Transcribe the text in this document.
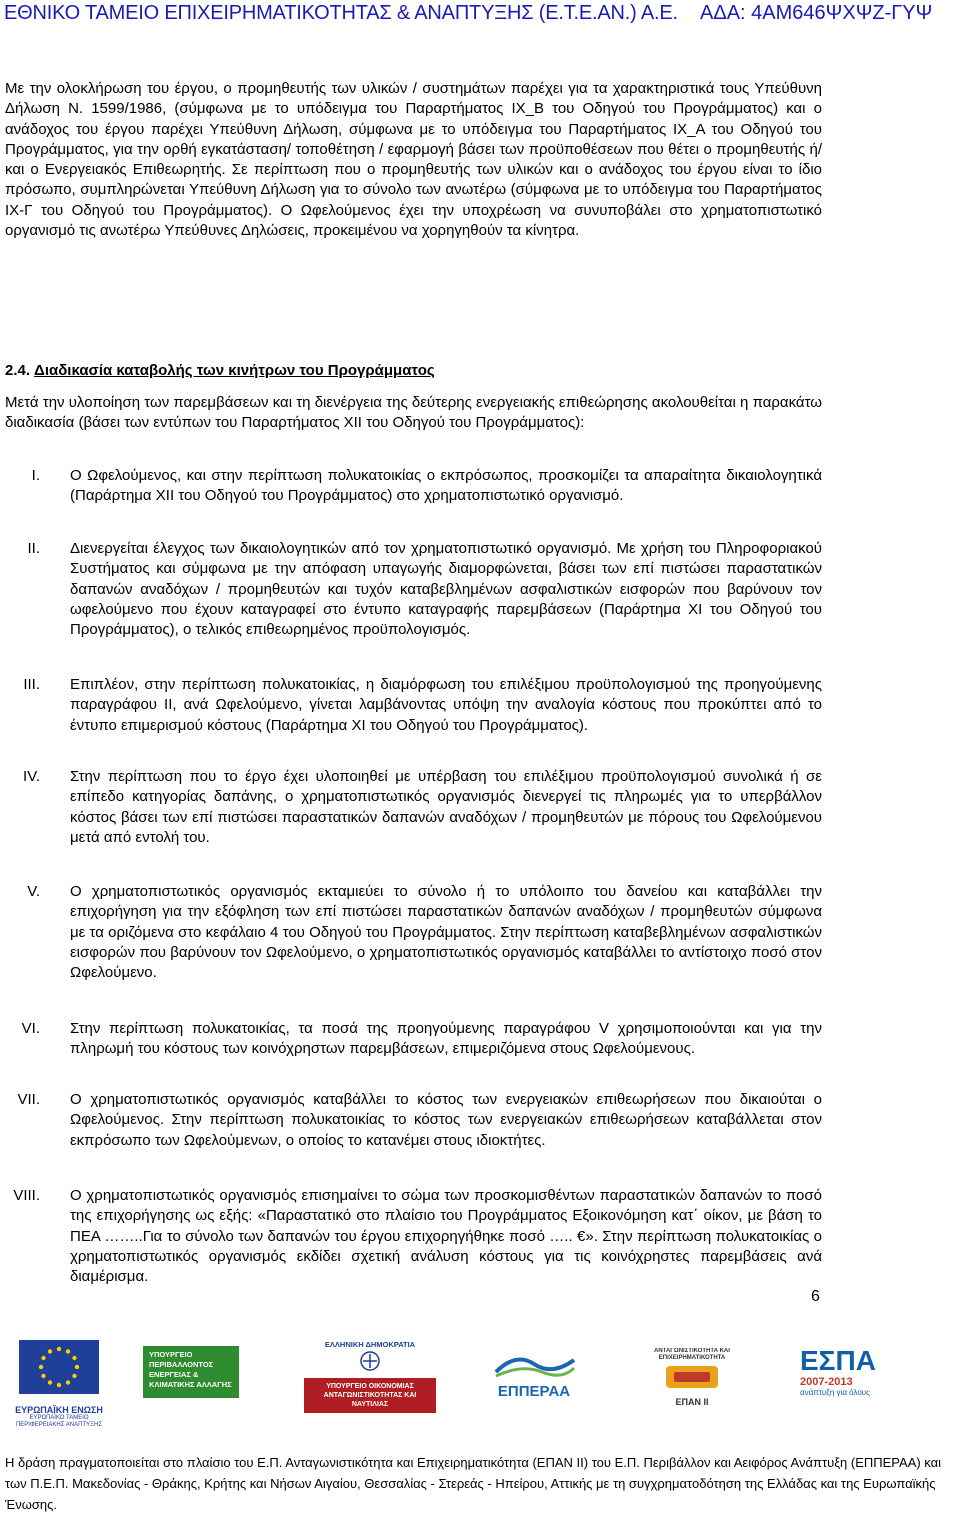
ΕΘΝΙΚΟ ΤΑΜΕΙΟ ΕΠΙΧΕΙΡΗΜΑΤΙΚΟΤΗΤΑΣ & ΑΝΑΠΤΥΞΗΣ (Ε.Τ.Ε.ΑΝ.) Α.Ε. ΑΔΑ: 4ΑΜ646ΨΧΨΖ-ΓΥΨ
Με την ολοκλήρωση του έργου, ο προμηθευτής των υλικών / συστημάτων παρέχει για τα χαρακτηριστικά τους Υπεύθυνη Δήλωση Ν. 1599/1986, (σύμφωνα με το υπόδειγμα του Παραρτήματος ΙΧ_Β του Οδηγού του Προγράμματος) και ο ανάδοχος του έργου παρέχει Υπεύθυνη Δήλωση, σύμφωνα με το υπόδειγμα του Παραρτήματος ΙΧ_Α του Οδηγού του Προγράμματος, για την ορθή εγκατάσταση/ τοποθέτηση / εφαρμογή βάσει των προϋποθέσεων που θέτει ο προμηθευτής ή/και ο Ενεργειακός Επιθεωρητής. Σε περίπτωση που ο προμηθευτής των υλικών και ο ανάδοχος του έργου είναι το ίδιο πρόσωπο, συμπληρώνεται Υπεύθυνη Δήλωση για το σύνολο των ανωτέρω (σύμφωνα με το υπόδειγμα του Παραρτήματος ΙΧ-Γ του Οδηγού του Προγράμματος). Ο Ωφελούμενος έχει την υποχρέωση να συνυποβάλει στο χρηματοπιστωτικό οργανισμό τις ανωτέρω Υπεύθυνες Δηλώσεις, προκειμένου να χορηγηθούν τα κίνητρα.
2.4. Διαδικασία καταβολής των κινήτρων του Προγράμματος
Μετά την υλοποίηση των παρεμβάσεων και τη διενέργεια της δεύτερης ενεργειακής επιθεώρησης ακολουθείται η παρακάτω διαδικασία (βάσει των εντύπων του Παραρτήματος ΧΙΙ του Οδηγού του Προγράμματος):
I. Ο Ωφελούμενος, και στην περίπτωση πολυκατοικίας ο εκπρόσωπος, προσκομίζει τα απαραίτητα δικαιολογητικά (Παράρτημα ΧΙΙ του Οδηγού του Προγράμματος) στο χρηματοπιστωτικό οργανισμό.
II. Διενεργείται έλεγχος των δικαιολογητικών από τον χρηματοπιστωτικό οργανισμό. Με χρήση του Πληροφοριακού Συστήματος και σύμφωνα με την απόφαση υπαγωγής διαμορφώνεται, βάσει των επί πιστώσει παραστατικών δαπανών αναδόχων / προμηθευτών και τυχόν καταβεβλημένων ασφαλιστικών εισφορών που βαρύνουν τον ωφελούμενο που έχουν καταγραφεί στο έντυπο καταγραφής παρεμβάσεων (Παράρτημα ΧΙ του Οδηγού του Προγράμματος), ο τελικός επιθεωρημένος προϋπολογισμός.
III. Επιπλέον, στην περίπτωση πολυκατοικίας, η διαμόρφωση του επιλέξιμου προϋπολογισμού της προηγούμενης παραγράφου ΙΙ, ανά Ωφελούμενο, γίνεται λαμβάνοντας υπόψη την αναλογία κόστους που προκύπτει από το έντυπο επιμερισμού κόστους (Παράρτημα ΧΙ του Οδηγού του Προγράμματος).
IV. Στην περίπτωση που το έργο έχει υλοποιηθεί με υπέρβαση του επιλέξιμου προϋπολογισμού συνολικά ή σε επίπεδο κατηγορίας δαπάνης, ο χρηματοπιστωτικός οργανισμός διενεργεί τις πληρωμές για το υπερβάλλον κόστος βάσει των επί πιστώσει παραστατικών δαπανών αναδόχων / προμηθευτών με πόρους του Ωφελούμενου μετά από εντολή του.
V. Ο χρηματοπιστωτικός οργανισμός εκταμιεύει το σύνολο ή το υπόλοιπο του δανείου και καταβάλλει την επιχορήγηση για την εξόφληση των επί πιστώσει παραστατικών δαπανών αναδόχων / προμηθευτών σύμφωνα με τα οριζόμενα στο κεφάλαιο 4 του Οδηγού του Προγράμματος. Στην περίπτωση καταβεβλημένων ασφαλιστικών εισφορών που βαρύνουν τον Ωφελούμενο, ο χρηματοπιστωτικός οργανισμός καταβάλλει το αντίστοιχο ποσό στον Ωφελούμενο.
VI. Στην περίπτωση πολυκατοικίας, τα ποσά της προηγούμενης παραγράφου V χρησιμοποιούνται και για την πληρωμή του κόστους των κοινόχρηστων παρεμβάσεων, επιμεριζόμενα στους Ωφελούμενους.
VII. Ο χρηματοπιστωτικός οργανισμός καταβάλλει το κόστος των ενεργειακών επιθεωρήσεων που δικαιούται ο Ωφελούμενος. Στην περίπτωση πολυκατοικίας το κόστος των ενεργειακών επιθεωρήσεων καταβάλλεται στον εκπρόσωπο των Ωφελούμενων, ο οποίος το κατανέμει στους ιδιοκτήτες.
VIII. Ο χρηματοπιστωτικός οργανισμός επισημαίνει το σώμα των προσκομισθέντων παραστατικών δαπανών το ποσό της επιχορήγησης ως εξής: «Παραστατικό στο πλαίσιο του Προγράμματος Εξοικονόμηση κατ΄ οίκον, με βάση το ΠΕΑ ……..Για το σύνολο των δαπανών του έργου επιχορηγήθηκε ποσό ….. €». Στην περίπτωση πολυκατοικίας ο χρηματοπιστωτικός οργανισμός εκδίδει σχετική ανάλυση κόστους για τις κοινόχρηστες παρεμβάσεις ανά διαμέρισμα.
6
ΕΥΡΩΠΑΪΚΗ ΕΝΩΣΗ
ΕΥΡΩΠΑΪΚΟ ΤΑΜΕΙΟ ΠΕΡΙΦΕΡΕΙΑΚΗΣ ΑΝΑΠΤΥΞΗΣ
ΥΠΟΥΡΓΕΙΟ ΠΕΡΙΒΑΛΛΟΝΤΟΣ ΕΝΕΡΓΕΙΑΣ & ΚΛΙΜΑΤΙΚΗΣ ΑΛΛΑΓΗΣ
ΕΛΛΗΝΙΚΗ ΔΗΜΟΚΡΑΤΙΑ
ΥΠΟΥΡΓΕΙΟ ΟΙΚΟΝΟΜΙΑΣ ΑΝΤΑΓΩΝΙΣΤΙΚΟΤΗΤΑΣ ΚΑΙ ΝΑΥΤΙΛΙΑΣ
ΕΠΠΕΡΑΑ
ΑΝΤΑΓΩΝΙΣΤΙΚΟΤΗΤΑ ΚΑΙ ΕΠΙΧΕΙΡΗΜΑΤΙΚΟΤΗΤΑ
ΕΠΑΝ ΙΙ
ΕΣΠΑ
2007-2013
ανάπτυξη για όλους
Η δράση πραγματοποιείται στο πλαίσιο του Ε.Π. Ανταγωνιστικότητα και Επιχειρηματικότητα (ΕΠΑΝ ΙΙ) του Ε.Π. Περιβάλλον και Αειφόρος Ανάπτυξη (ΕΠΠΕΡΑΑ) και των Π.Ε.Π. Μακεδονίας - Θράκης, Κρήτης και Νήσων Αιγαίου, Θεσσαλίας - Στερεάς - Ηπείρου, Αττικής με τη συγχρηματοδότηση της Ελλάδας και της Ευρωπαϊκής Ένωσης.
